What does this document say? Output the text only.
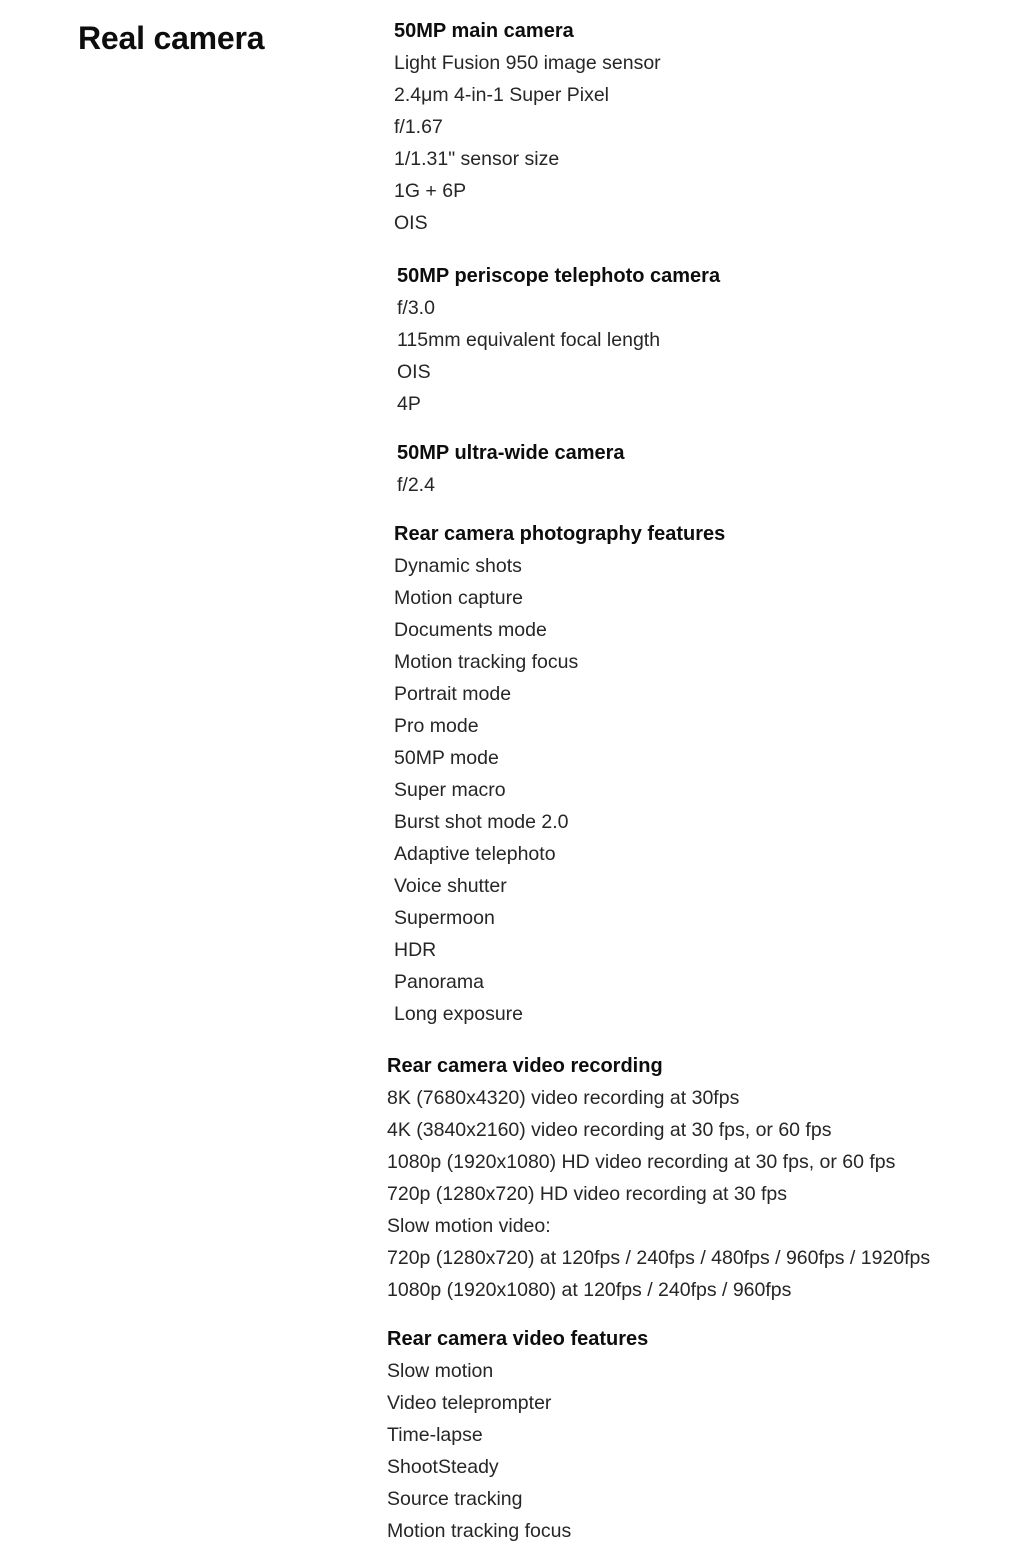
Real camera	50MP main camera
Light Fusion 950 image sensor
2.4μm 4-in-1 Super Pixel
f/1.67
1/1.31" sensor size
1G + 6P
OIS
50MP periscope telephoto camera
f/3.0
115mm equivalent focal length
OIS
4P
50MP ultra-wide camera
f/2.4
Rear camera photography features
Dynamic shots
Motion capture
Documents mode
Motion tracking focus
Portrait mode
Pro mode
50MP mode
Super macro
Burst shot mode 2.0
Adaptive telephoto
Voice shutter
Supermoon
HDR
Panorama
Long exposure
Rear camera video recording
8K (7680x4320) video recording at 30fps
4K (3840x2160) video recording at 30 fps, or 60 fps
1080p (1920x1080) HD video recording at 30 fps, or 60 fps
720p (1280x720) HD video recording at 30 fps
Slow motion video:
720p (1280x720) at 120fps / 240fps / 480fps / 960fps / 1920fps
1080p (1920x1080) at 120fps / 240fps / 960fps
Rear camera video features
Slow motion
Video teleprompter
Time-lapse
ShootSteady
Source tracking
Motion tracking focus
